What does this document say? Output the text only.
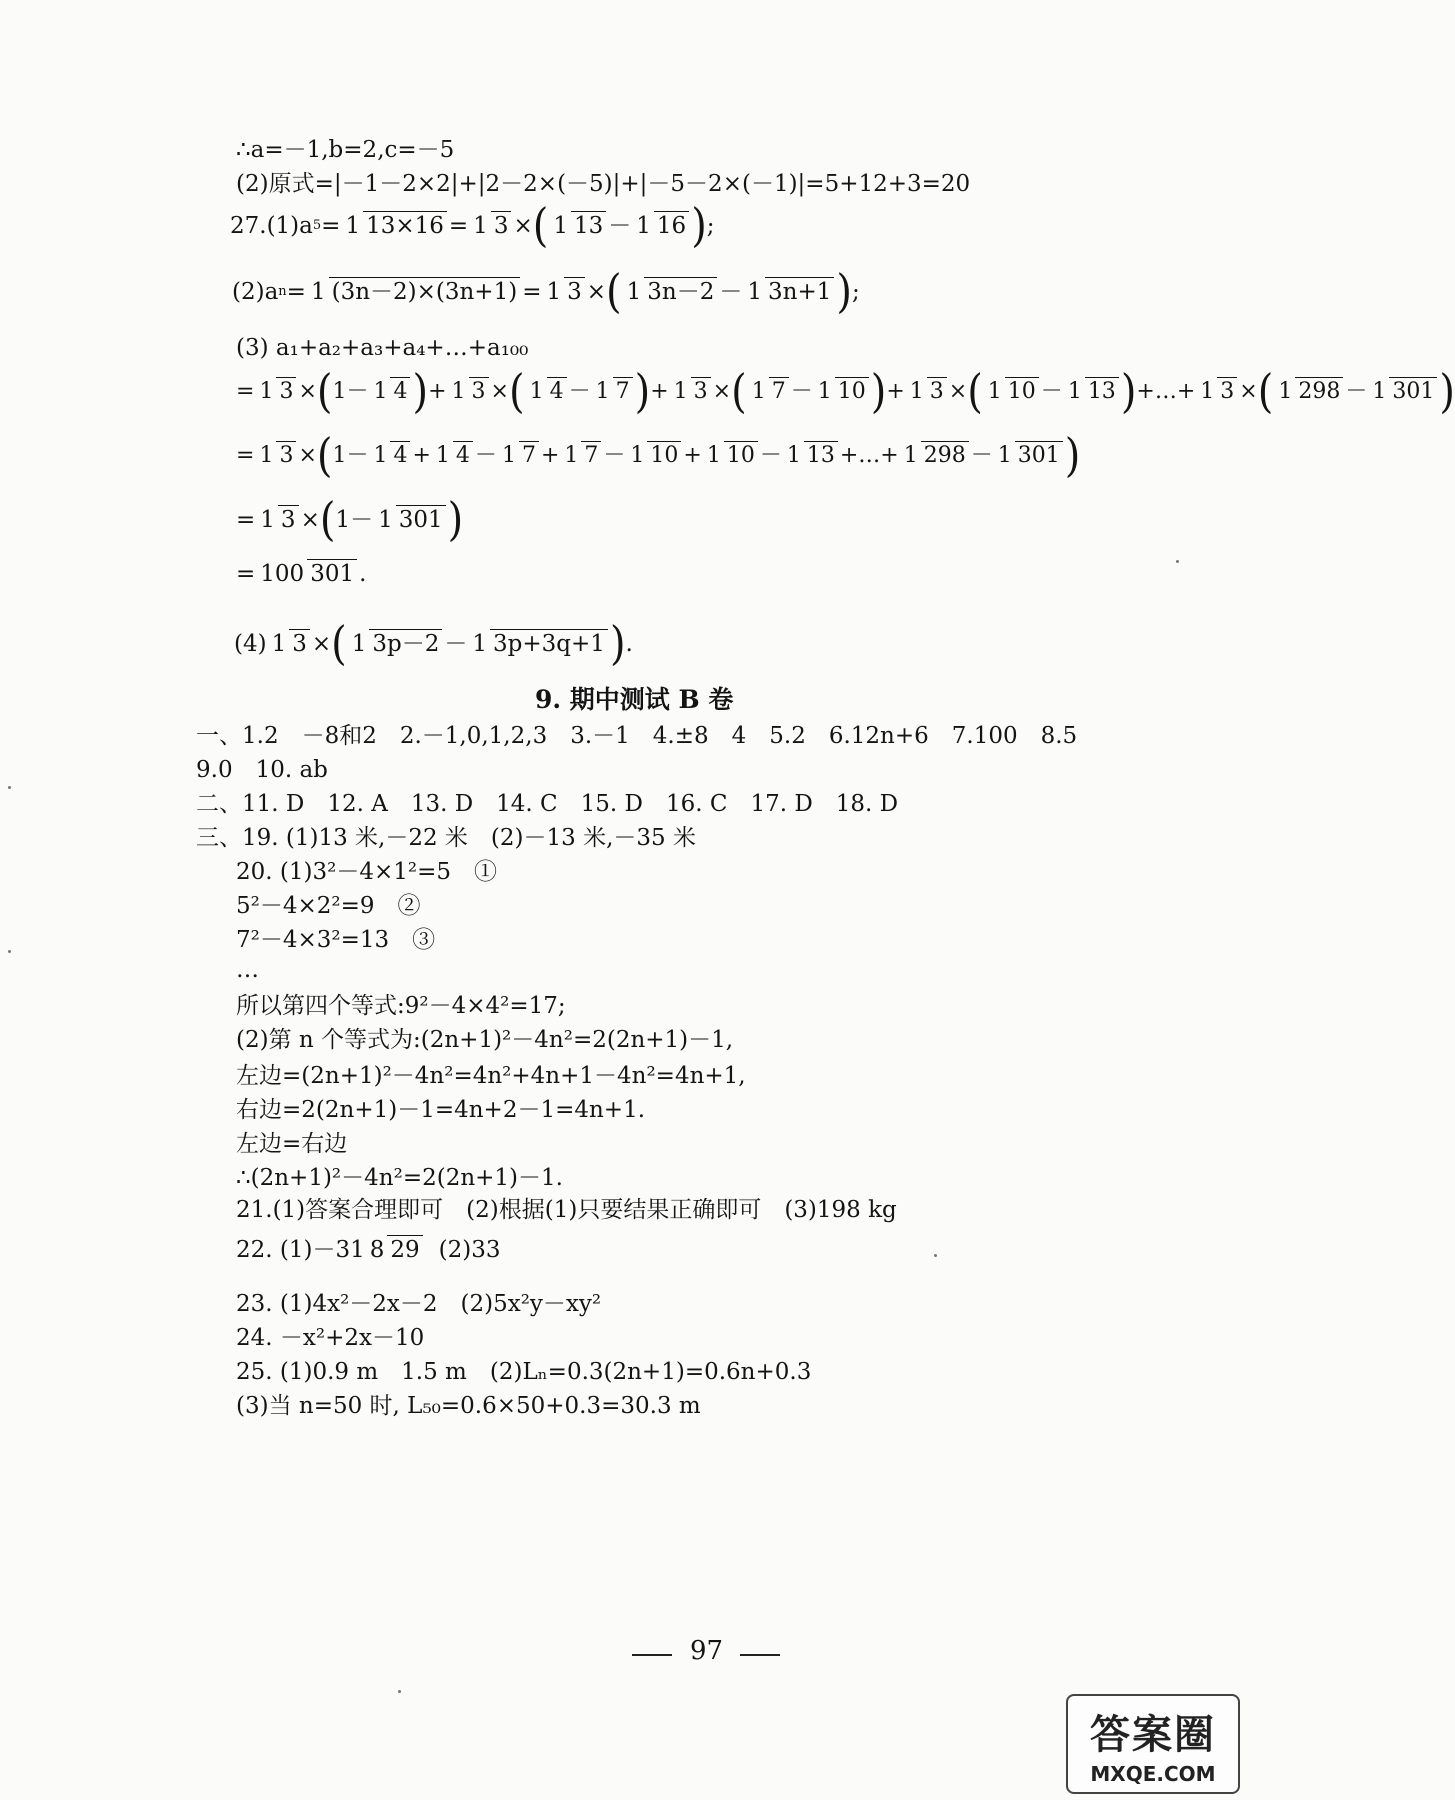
∴a=－1,b=2,c=－5
(2)原式=|－1－2×2|+|2－2×(－5)|+|－5－2×(－1)|=5+12+3=20
27.(1)a 5 = 1 13×16 = 1 3 × ( 1 13 － 1 16 ) ;
(2)a n = 1 (3n－2)×(3n+1) = 1 3 × ( 1 3n－2 － 1 3n+1 ) ;
(3) a₁+a₂+a₃+a₄+…+a₁₀₀
= 1 3 × ( 1－ 1 4 ) + 1 3 × ( 1 4 － 1 7 ) + 1 3 × ( 1 7 － 1 10 ) + 1 3 × ( 1 10 － 1 13 ) +…+ 1 3 × ( 1 298 － 1 301 )
= 1 3 × ( 1－ 1 4 + 1 4 － 1 7 + 1 7 － 1 10 + 1 10 － 1 13 +…+ 1 298 － 1 301 )
= 1 3 × ( 1－ 1 301 )
= 100 301 .
(4) 1 3 × ( 1 3p－2 － 1 3p+3q+1 ) .
9. 期中测试 B 卷
一、1.2　－8和2　2.－1,0,1,2,3　3.－1　4.±8　4　5.2　6.12n+6　7.100　8.5
9.0　10. ab
二、11. D　12. A　13. D　14. C　15. D　16. C　17. D　18. D
三、19. (1)13 米,－22 米　(2)－13 米,－35 米
20. (1)3²－4×1²=5　①
5²－4×2²=9　②
7²－4×3²=13　③
…
所以第四个等式:9²－4×4²=17;
(2)第 n 个等式为:(2n+1)²－4n²=2(2n+1)－1,
左边=(2n+1)²－4n²=4n²+4n+1－4n²=4n+1,
右边=2(2n+1)－1=4n+2－1=4n+1.
左边=右边
∴(2n+1)²－4n²=2(2n+1)－1.
21.(1)答案合理即可　(2)根据(1)只要结果正确即可　(3)198 kg
22. (1)－31 8 29 (2)33
23. (1)4x²－2x－2　(2)5x²y－xy²
24. －x²+2x－10
25. (1)0.9 m　1.5 m　(2)Lₙ=0.3(2n+1)=0.6n+0.3
(3)当 n=50 时, L₅₀=0.6×50+0.3=30.3 m
97
答案圈
MXQE.COM
